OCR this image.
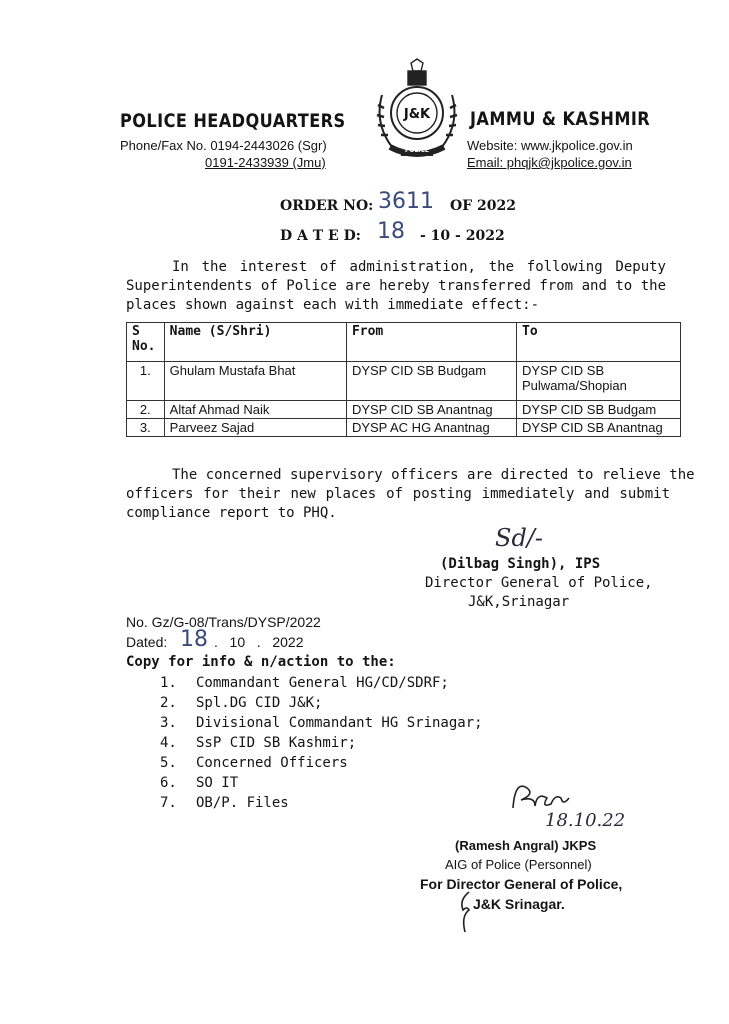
POLICE HEADQUARTERS	JAMMU & KASHMIR
Phone/Fax No. 0194-2443026 (Sgr)
0191-2433939 (Jmu)
Website: www.jkpolice.gov.in
Email: phqjk@jkpolice.gov.in
J&K
POLICE
ORDER NO: 3611 OF 2022
D A T E D: 18 - 10 - 2022
In the interest of administration, the following Deputy
Superintendents of Police are hereby transferred from and to the
places shown against each with immediate effect:-
S No.	Name (S/Shri)	From	To
1.	Ghulam Mustafa Bhat	DYSP CID SB Budgam	DYSP CID SB Pulwama/Shopian
2.	Altaf Ahmad Naik	DYSP CID SB Anantnag	DYSP CID SB Budgam
3.	Parveez Sajad	DYSP AC HG Anantnag	DYSP CID SB Anantnag
The concerned supervisory officers are directed to relieve the
officers for their new places of posting immediately and submit
compliance report to PHQ.
Sd/-
(Dilbag Singh), IPS
Director General of Police,
J&K,Srinagar
No. Gz/G-08/Trans/DYSP/2022
Dated: 18 .   10   .   2022
Copy for info & n/action to the:
1. Commandant General HG/CD/SDRF;
2. Spl.DG CID J&K;
3. Divisional Commandant HG Srinagar;
4. SsP CID SB Kashmir;
5. Concerned Officers
6. SO IT
7. OB/P. Files
18.10.22
(Ramesh Angral) JKPS
AIG of Police (Personnel)
For Director General of Police,
J&K Srinagar.
